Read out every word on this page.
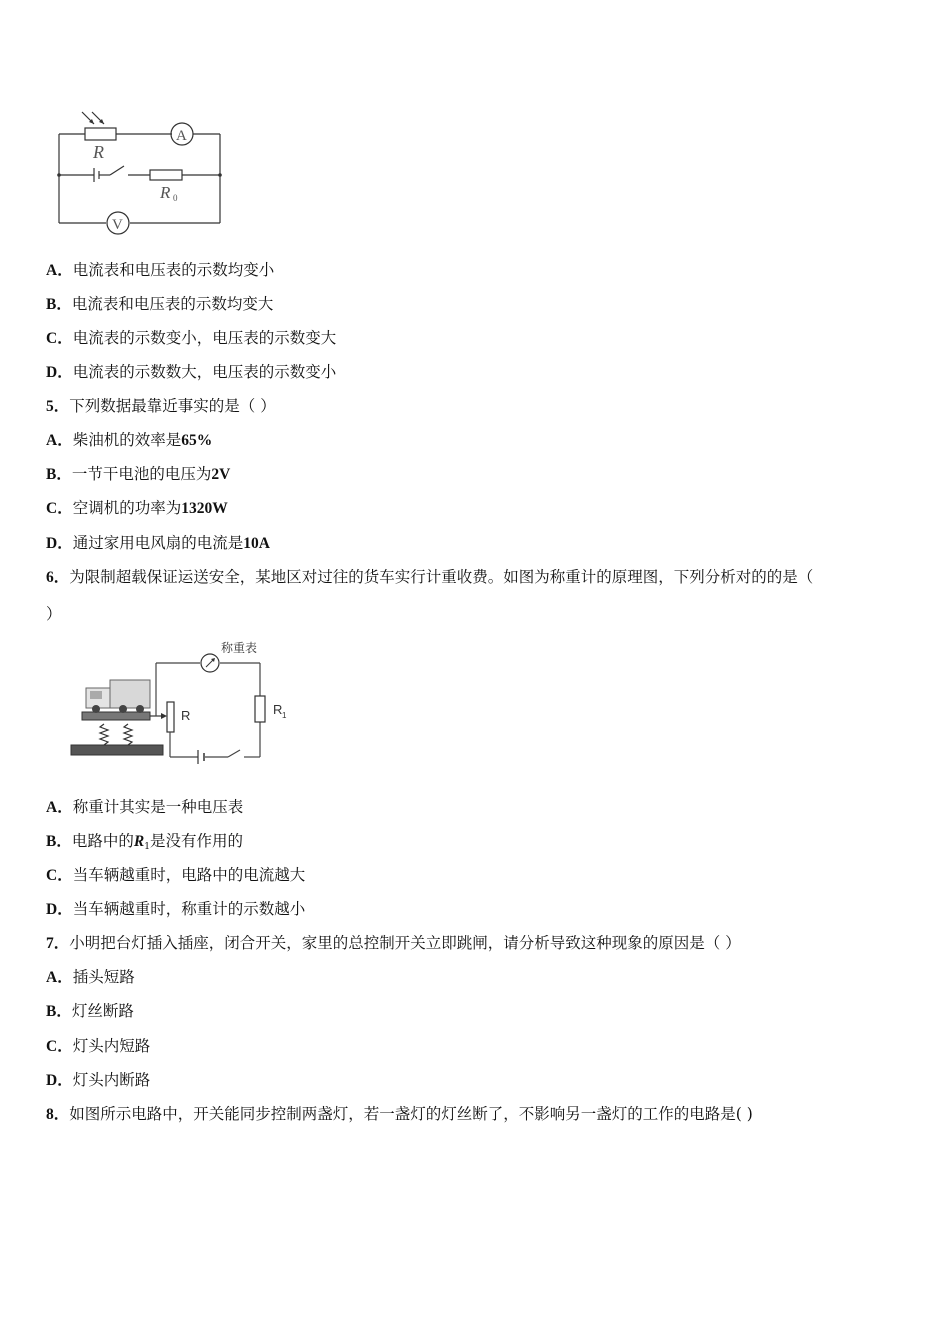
R
R 0
A
V
A．电流表和电压表的示数均变小
B．电流表和电压表的示数均变大
C．电流表的示数变小，电压表的示数变大
D．电流表的示数数大，电压表的示数变小
5．下列数据最靠近事实的是（ ）
A．柴油机的效率是65%
B．一节干电池的电压为2V
C．空调机的功率为1320W
D．通过家用电风扇的电流是10A
6．为限制超载保证运送安全，某地区对过往的货车实行计重收费。如图为称重计的原理图，下列分析对的的是（
）
称重表
R	R 1
A．称重计其实是一种电压表
B．电路中的$R_1$是没有作用的
C．当车辆越重时，电路中的电流越大
D．当车辆越重时，称重计的示数越小
7．小明把台灯插入插座，闭合开关，家里的总控制开关立即跳闸，请分析导致这种现象的原因是（ ）
A．插头短路
B．灯丝断路
C．灯头内短路
D．灯头内断路
8．如图所示电路中，开关能同步控制两盏灯，若一盏灯的灯丝断了，不影响另一盏灯的工作的电路是( )
